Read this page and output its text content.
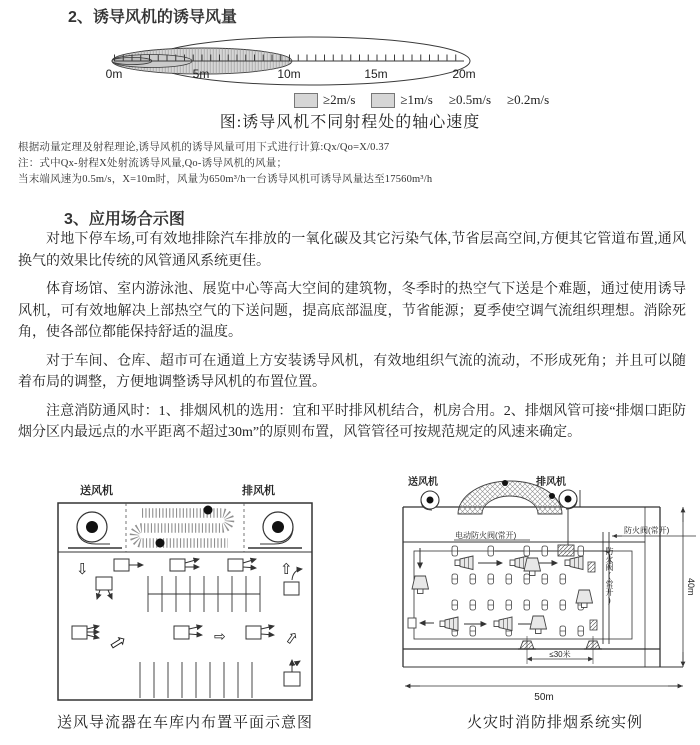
2、诱导风机的诱导风量
0m	5m	10m	15m	20m
≥2m/s	≥1m/s ≥0.5m/s ≥0.2m/s
图:诱导风机不同射程处的轴心速度
根据动量定理及射程理论,诱导风机的诱导风量可用下式进行计算:Qx/Qo=X/0.37
注：式中Qx-射程X处射流诱导风量,Qo-诱导风机的风量；
当末端风速为0.5m/s，X=10m时，风量为650m³/h一台诱导风机可诱导风量达至17560m³/h
3、应用场合示图

对地下停车场,可有效地排除汽车排放的一氧化碳及其它污染气体,节省层高空间,方便其它管道布置,通风换气的效果比传统的风管通风系统更佳。

体育场馆、室内游泳池、展览中心等高大空间的建筑物，冬季时的热空气下送是个难题，通过使用诱导风机，可有效地解决上部热空气的下送问题，提高底部温度，节省能源；夏季使空调气流组织理想。消除死角，使各部位都能保持舒适的温度。

对于车间、仓库、超市可在通道上方安装诱导风机，有效地组织气流的流动，不形成死角；并且可以随着布局的调整，方便地调整诱导风机的布置位置。

注意消防通风时：1、排烟风机的选用：宜和平时排风机结合，机房合用。2、排烟风管可接“排烟口距防烟分区内最远点的水平距离不超过30m”的原则布置，风管管径可按规范规定的风速来确定。

送风机	排风机
⇩	⇧
⇨	⇨	⇧
送风机	排风机
电动防火阀(常开)
防火阀(常开)
≤30米
50m
防火阀(常开)	40m
送风导流器在车库内布置平面示意图	火灾时消防排烟系统实例
